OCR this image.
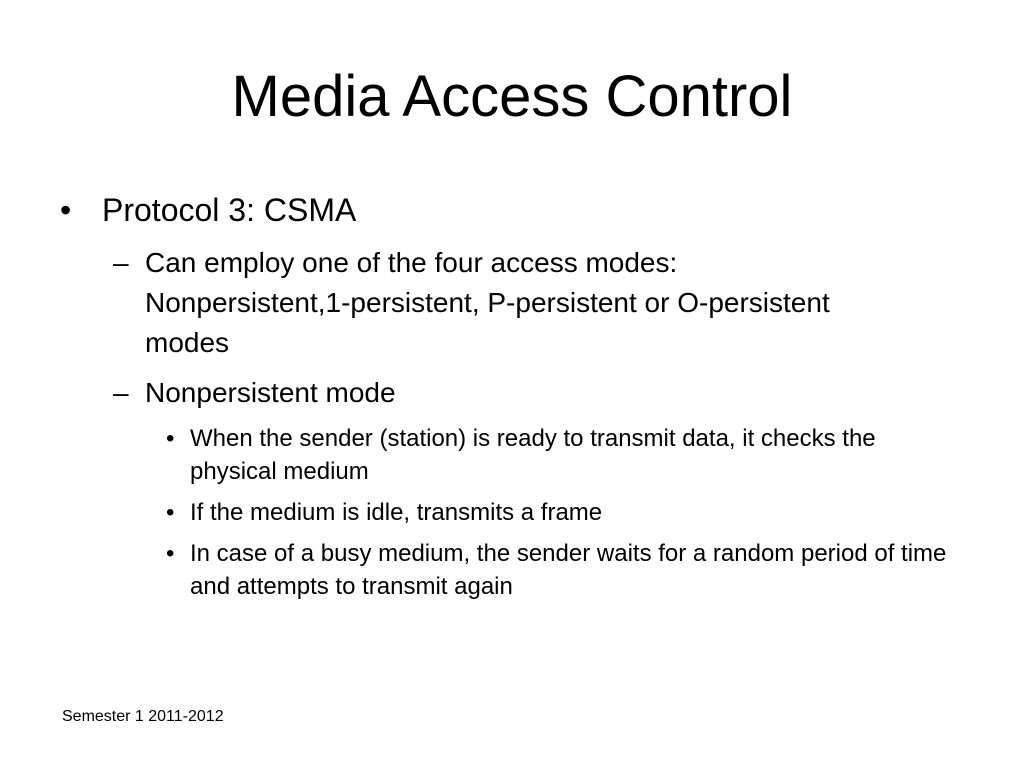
Media Access Control
• Protocol 3: CSMA
– Can employ one of the four access modes: Nonpersistent,1-persistent, P-persistent or O-persistent modes
– Nonpersistent mode
• When the sender (station) is ready to transmit data, it checks the physical medium
• If the medium is idle, transmits a frame
• In case of a busy medium, the sender waits for a random period of time and attempts to transmit again
Semester 1 2011-2012
